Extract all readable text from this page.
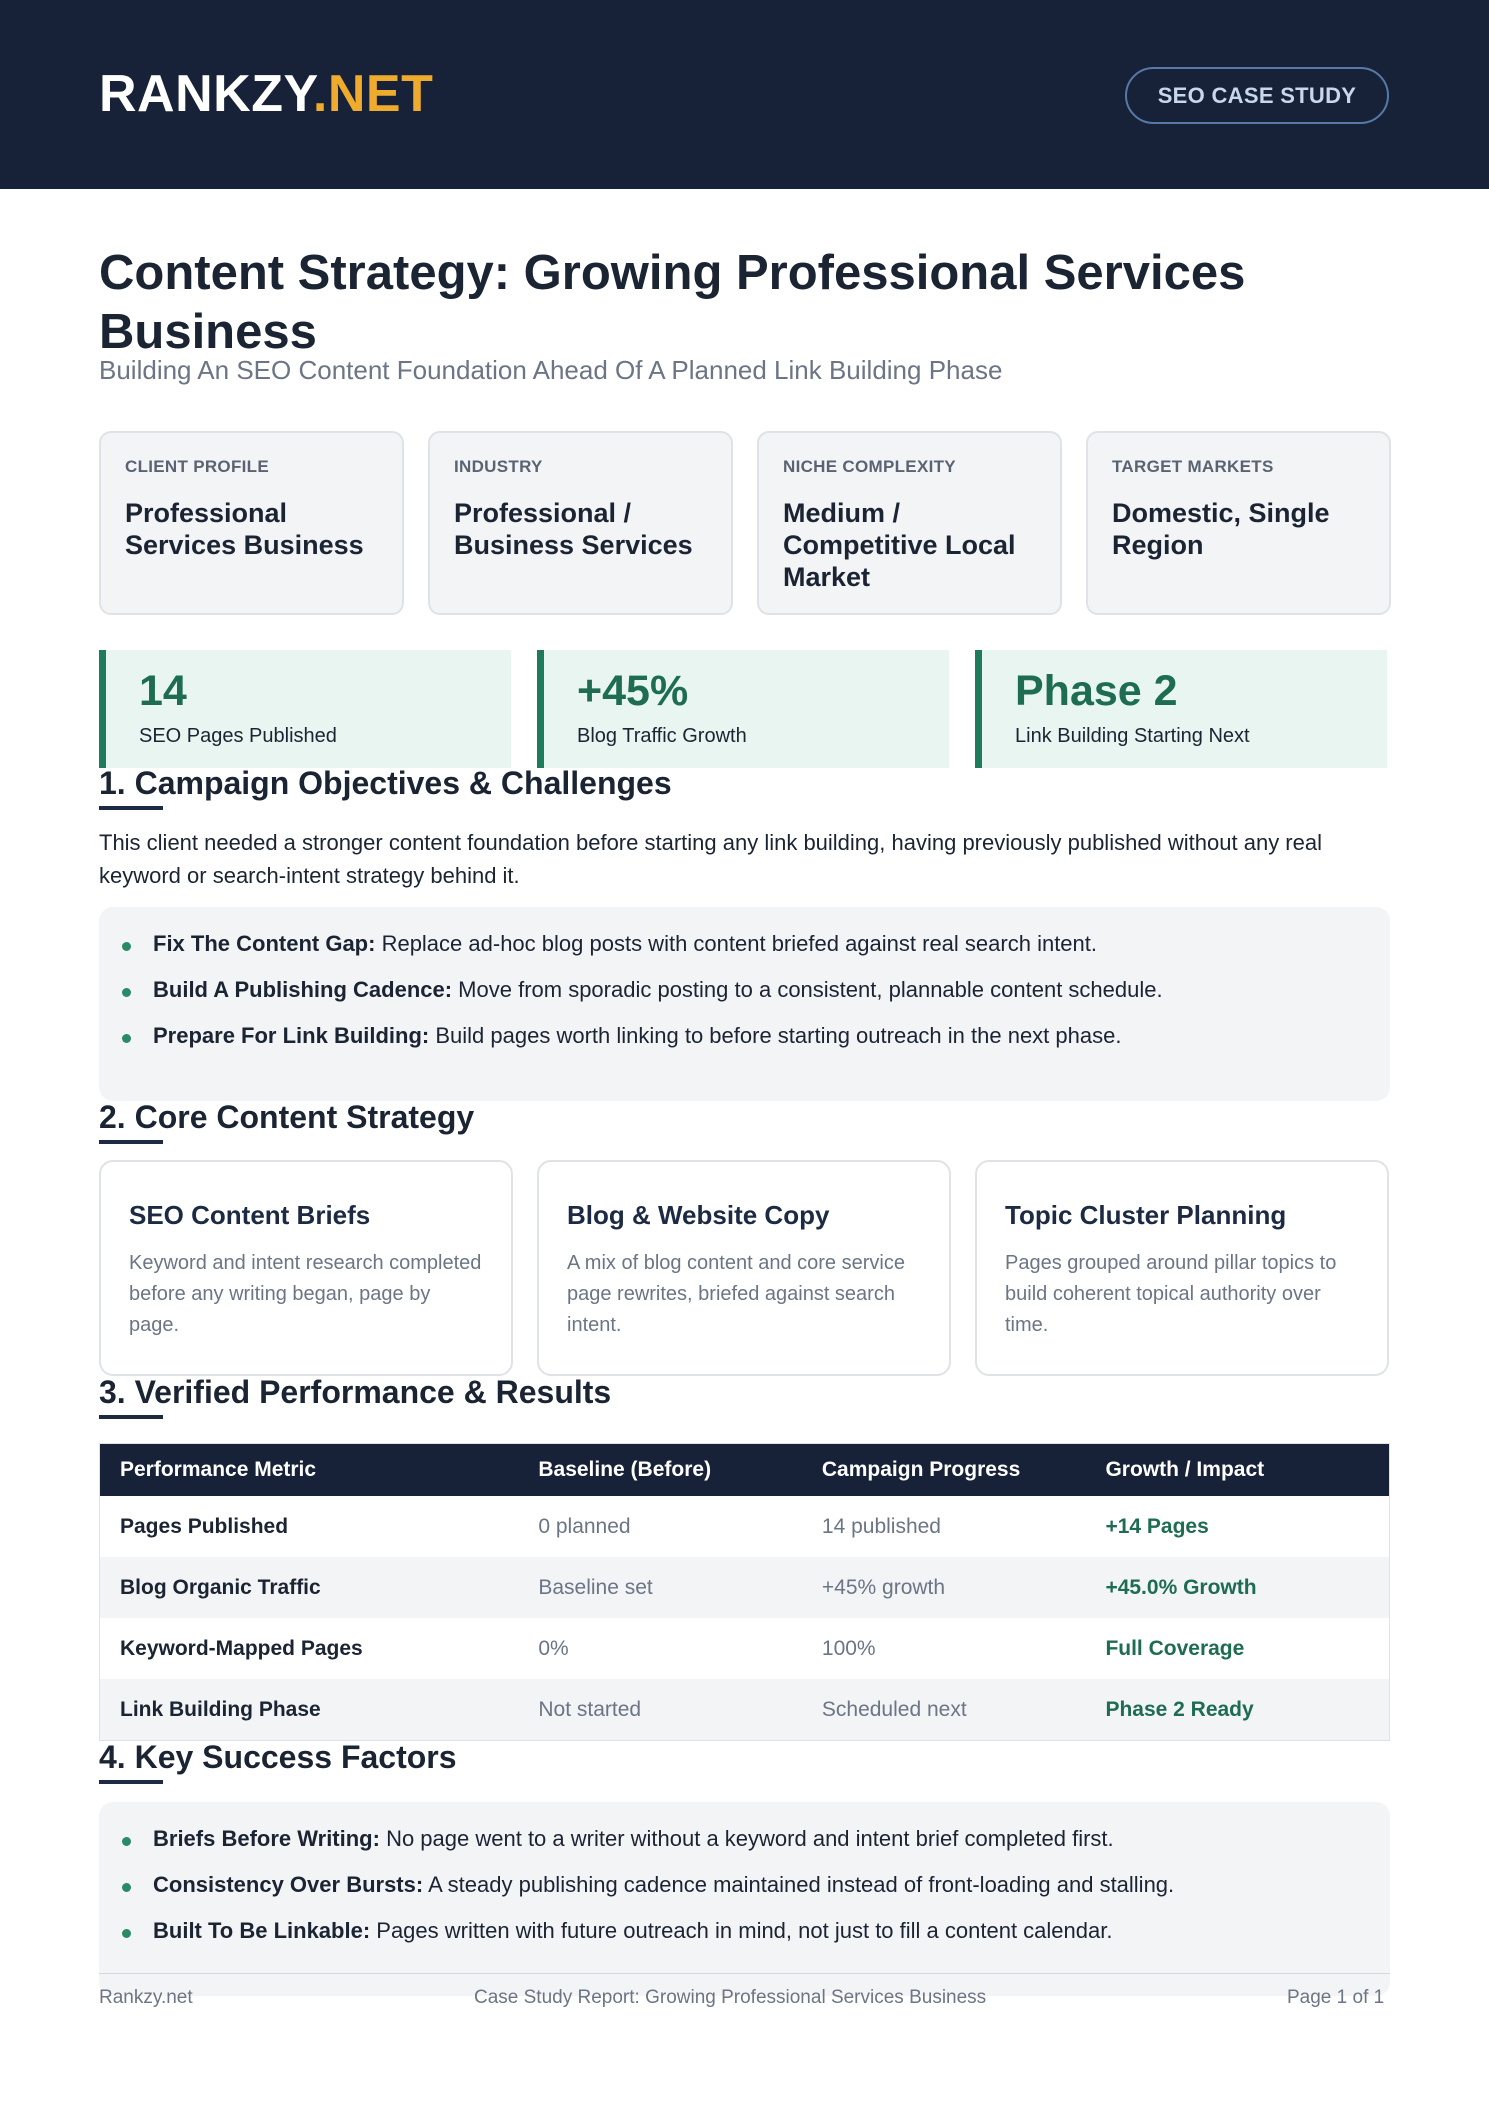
RANKZY.NET	SEO CASE STUDY
Content Strategy: Growing Professional Services Business
Building An SEO Content Foundation Ahead Of A Planned Link Building Phase
CLIENT PROFILE
Professional Services Business
INDUSTRY
Professional / Business Services
NICHE COMPLEXITY
Medium / Competitive Local Market
TARGET MARKETS
Domestic, Single Region
14
SEO Pages Published
+45%
Blog Traffic Growth
Phase 2
Link Building Starting Next
1. Campaign Objectives & Challenges
This client needed a stronger content foundation before starting any link building, having previously published without any real keyword or search-intent strategy behind it.
Fix The Content Gap: Replace ad-hoc blog posts with content briefed against real search intent.
Build A Publishing Cadence: Move from sporadic posting to a consistent, plannable content schedule.
Prepare For Link Building: Build pages worth linking to before starting outreach in the next phase.
2. Core Content Strategy
SEO Content Briefs
Keyword and intent research completed before any writing began, page by page.
Blog & Website Copy
A mix of blog content and core service page rewrites, briefed against search intent.
Topic Cluster Planning
Pages grouped around pillar topics to build coherent topical authority over time.
3. Verified Performance & Results
Performance Metric	Baseline (Before)	Campaign Progress	Growth / Impact
Pages Published	0 planned	14 published	+14 Pages
Blog Organic Traffic	Baseline set	+45% growth	+45.0% Growth
Keyword-Mapped Pages	0%	100%	Full Coverage
Link Building Phase	Not started	Scheduled next	Phase 2 Ready
4. Key Success Factors
Briefs Before Writing: No page went to a writer without a keyword and intent brief completed first.
Consistency Over Bursts: A steady publishing cadence maintained instead of front-loading and stalling.
Built To Be Linkable: Pages written with future outreach in mind, not just to fill a content calendar.
Rankzy.net	Case Study Report: Growing Professional Services Business	Page 1 of 1
